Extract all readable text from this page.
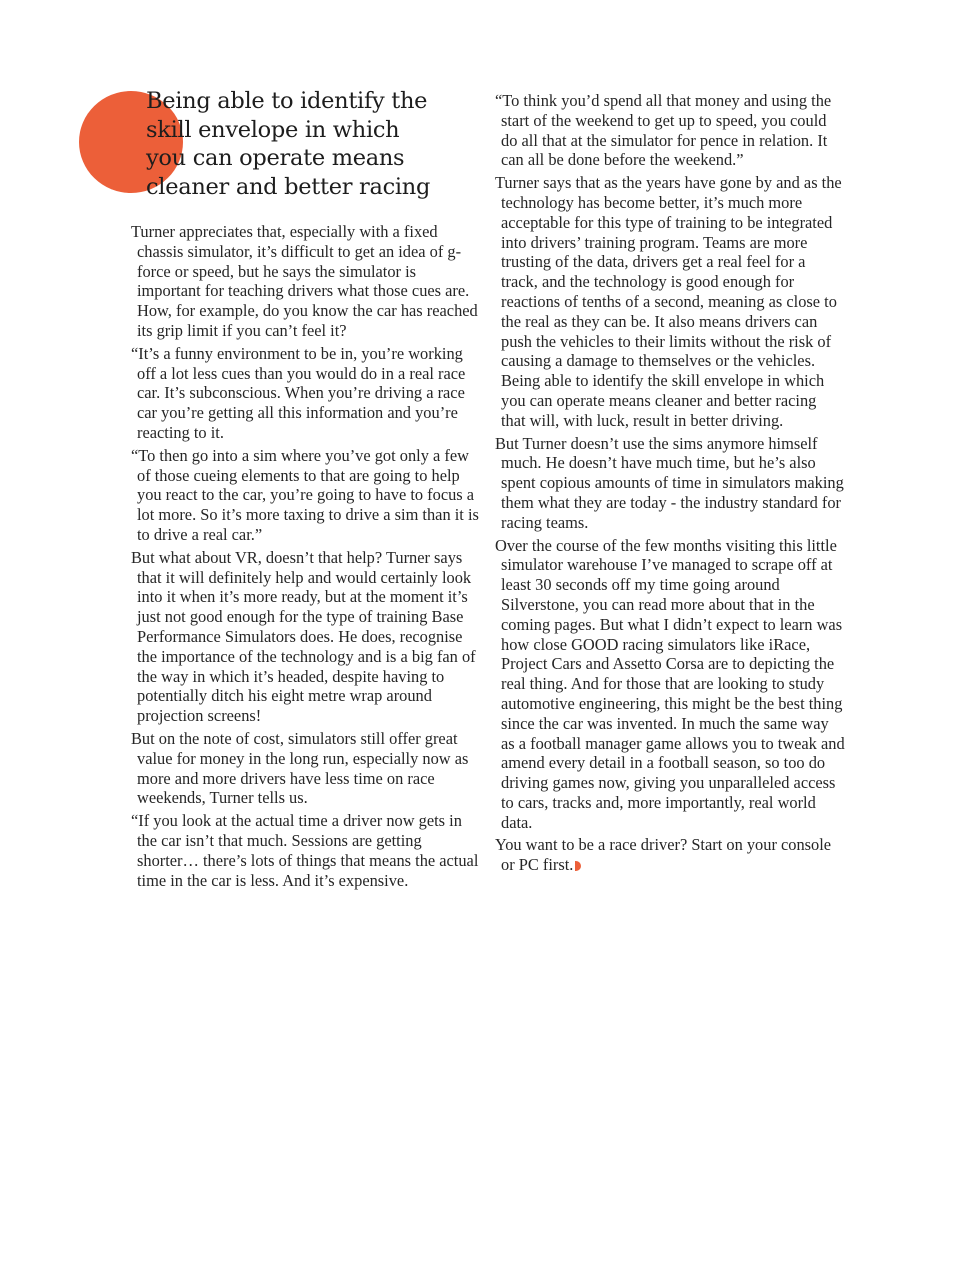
Being able to identify the skill envelope in which you can operate means cleaner and better racing

Turner appreciates that, especially with a fixed chassis simulator, it’s difficult to get an idea of g-force or speed, but he says the simulator is important for teaching drivers what those cues are. How, for example, do you know the car has reached its grip limit if you can’t feel it?

“It’s a funny environment to be in, you’re working off a lot less cues than you would do in a real race car. It’s subconscious. When you’re driving a race car you’re getting all this information and you’re reacting to it.

“To then go into a sim where you’ve got only a few of those cueing elements to that are going to help you react to the car, you’re going to have to focus a lot more. So it’s more taxing to drive a sim than it is to drive a real car.”

But what about VR, doesn’t that help? Turner says that it will definitely help and would certainly look into it when it’s more ready, but at the moment it’s just not good enough for the type of training Base Performance Simulators does. He does, recognise the importance of the technology and is a big fan of the way in which it’s headed, despite having to potentially ditch his eight metre wrap around projection screens!

But on the note of cost, simulators still offer great value for money in the long run, especially now as more and more drivers have less time on race weekends, Turner tells us.

“If you look at the actual time a driver now gets in the car isn’t that much. Sessions are getting shorter… there’s lots of things that means the actual time in the car is less. And it’s expensive.

“To think you’d spend all that money and using the start of the weekend to get up to speed, you could do all that at the simulator for pence in relation. It can all be done before the weekend.”

Turner says that as the years have gone by and as the technology has become better, it’s much more acceptable for this type of training to be integrated into drivers’ training program. Teams are more trusting of the data, drivers get a real feel for a track, and the technology is good enough for reactions of tenths of a second, meaning as close to the real as they can be. It also means drivers can push the vehicles to their limits without the risk of causing a damage to themselves or the vehicles. Being able to identify the skill envelope in which you can operate means cleaner and better racing that will, with luck, result in better driving.

But Turner doesn’t use the sims anymore himself much. He doesn’t have much time, but he’s also spent copious amounts of time in simulators making them what they are today - the industry standard for racing teams.

Over the course of the few months visiting this little simulator warehouse I’ve managed to scrape off at least 30 seconds off my time going around Silverstone, you can read more about that in the coming pages. But what I didn’t expect to learn was how close GOOD racing simulators like iRace, Project Cars and Assetto Corsa are to depicting the real thing. And for those that are looking to study automotive engineering, this might be the best thing since the car was invented. In much the same way as a football manager game allows you to tweak and amend every detail in a football season, so too do driving games now, giving you unparalleled access to cars, tracks and, more importantly, real world data.

You want to be a race driver? Start on your console or PC first.
